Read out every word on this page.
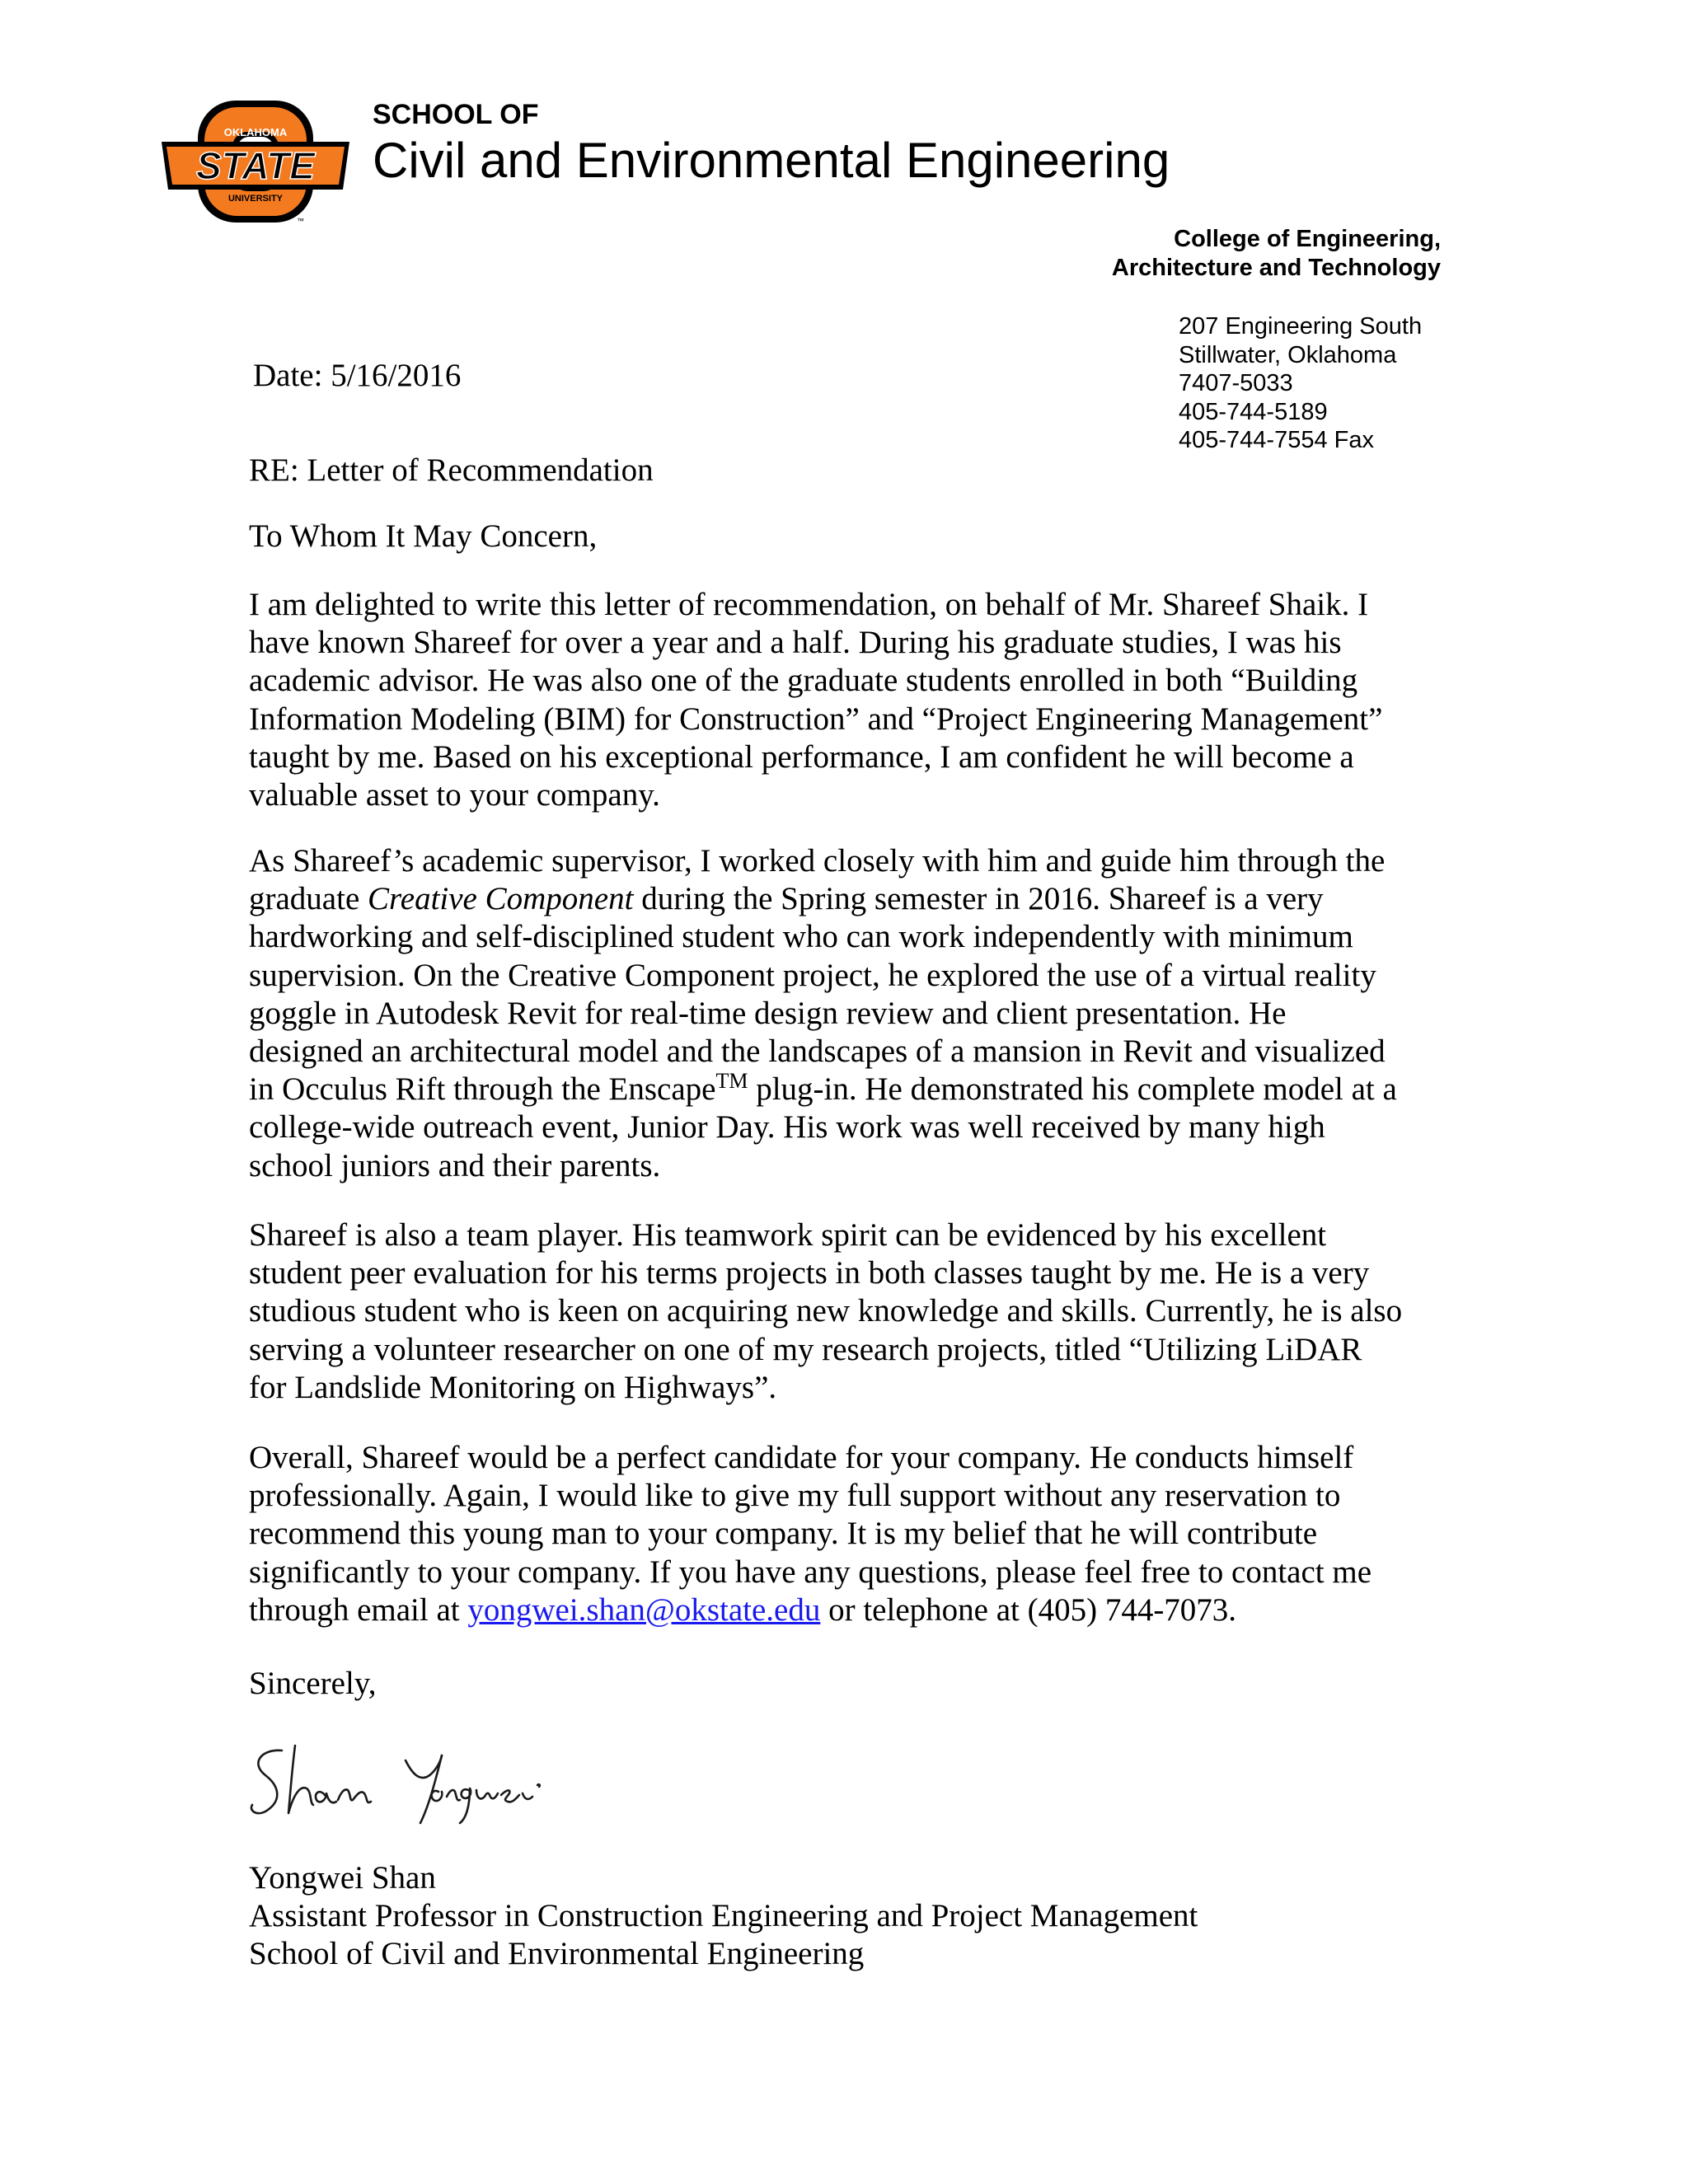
OKLAHOMA
STATE
UNIVERSITY
™
SCHOOL OF
Civil and Environmental Engineering
College of Engineering,
Architecture and Technology
207 Engineering South
Stillwater, Oklahoma
7407-5033
405-744-5189
405-744-7554 Fax
Date: 5/16/2016
RE: Letter of Recommendation
To Whom It May Concern,
I am delighted to write this letter of recommendation, on behalf of Mr. Shareef Shaik. I
have known Shareef for over a year and a half. During his graduate studies, I was his
academic advisor. He was also one of the graduate students enrolled in both “Building
Information Modeling (BIM) for Construction” and “Project Engineering Management”
taught by me. Based on his exceptional performance, I am confident he will become a
valuable asset to your company.
As Shareef’s academic supervisor, I worked closely with him and guide him through the
graduate Creative Component during the Spring semester in 2016. Shareef is a very
hardworking and self-disciplined student who can work independently with minimum
supervision. On the Creative Component project, he explored the use of a virtual reality
goggle in Autodesk Revit for real-time design review and client presentation. He
designed an architectural model and the landscapes of a mansion in Revit and visualized
in Occulus Rift through the Enscape™ plug-in. He demonstrated his complete model at a
college-wide outreach event, Junior Day. His work was well received by many high
school juniors and their parents.
Shareef is also a team player. His teamwork spirit can be evidenced by his excellent
student peer evaluation for his terms projects in both classes taught by me. He is a very
studious student who is keen on acquiring new knowledge and skills. Currently, he is also
serving a volunteer researcher on one of my research projects, titled “Utilizing LiDAR
for Landslide Monitoring on Highways”.
Overall, Shareef would be a perfect candidate for your company. He conducts himself
professionally. Again, I would like to give my full support without any reservation to
recommend this young man to your company. It is my belief that he will contribute
significantly to your company. If you have any questions, please feel free to contact me
through email at yongwei.shan@okstate.edu or telephone at (405) 744-7073.
Sincerely,
Yongwei Shan
Assistant Professor in Construction Engineering and Project Management
School of Civil and Environmental Engineering
